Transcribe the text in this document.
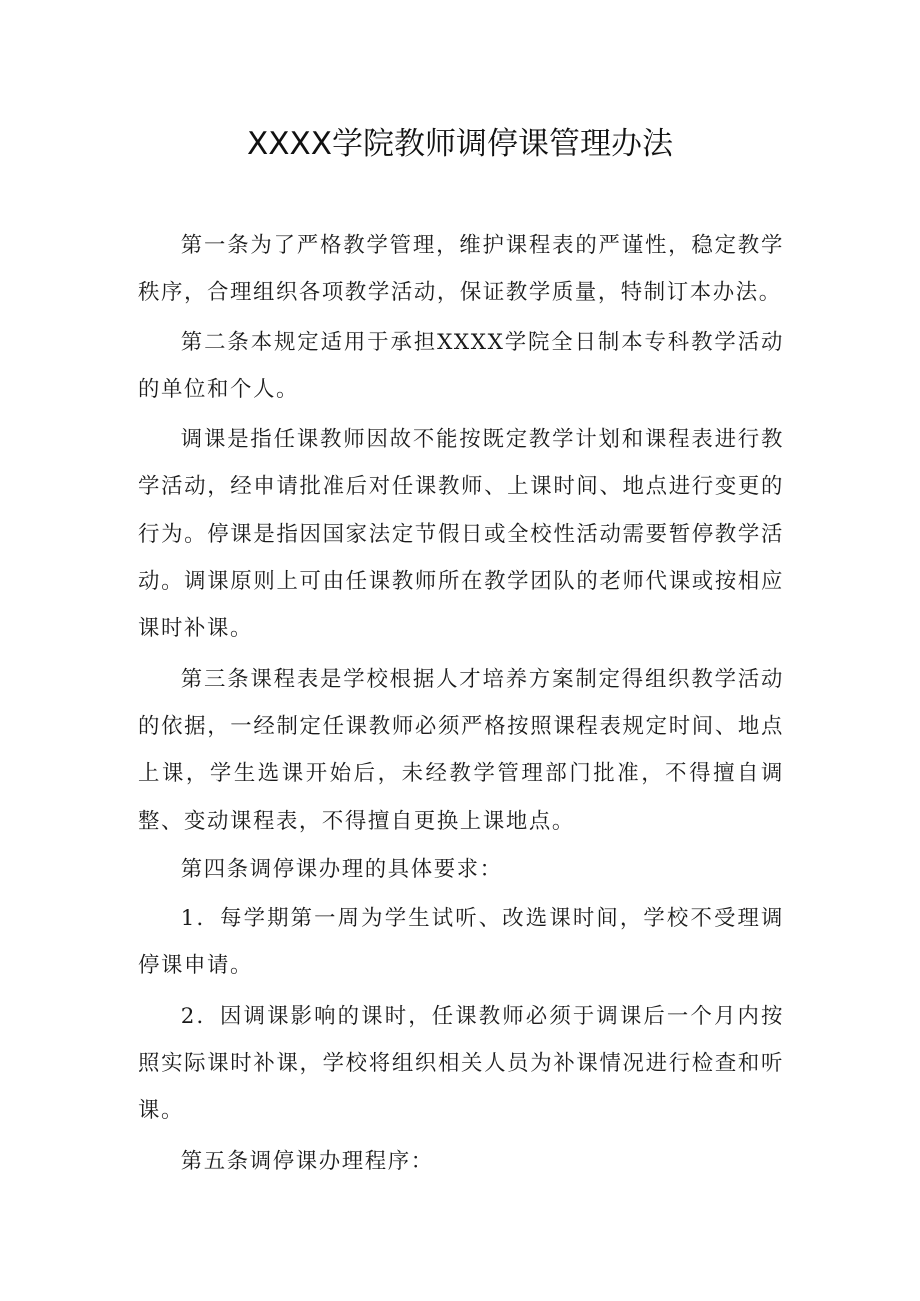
XXXX学院教师调停课管理办法

第一条为了严格教学管理，维护课程表的严谨性，稳定教学秩序，合理组织各项教学活动，保证教学质量，特制订本办法。

第二条本规定适用于承担XXXX学院全日制本专科教学活动的单位和个人。

调课是指任课教师因故不能按既定教学计划和课程表进行教学活动，经申请批准后对任课教师、上课时间、地点进行变更的行为。停课是指因国家法定节假日或全校性活动需要暂停教学活动。调课原则上可由任课教师所在教学团队的老师代课或按相应课时补课。

第三条课程表是学校根据人才培养方案制定得组织教学活动的依据，一经制定任课教师必须严格按照课程表规定时间、地点上课，学生选课开始后，未经教学管理部门批准，不得擅自调整、变动课程表，不得擅自更换上课地点。

第四条调停课办理的具体要求：

1．每学期第一周为学生试听、改选课时间，学校不受理调停课申请。

2．因调课影响的课时，任课教师必须于调课后一个月内按照实际课时补课，学校将组织相关人员为补课情况进行检查和听课。

第五条调停课办理程序：
